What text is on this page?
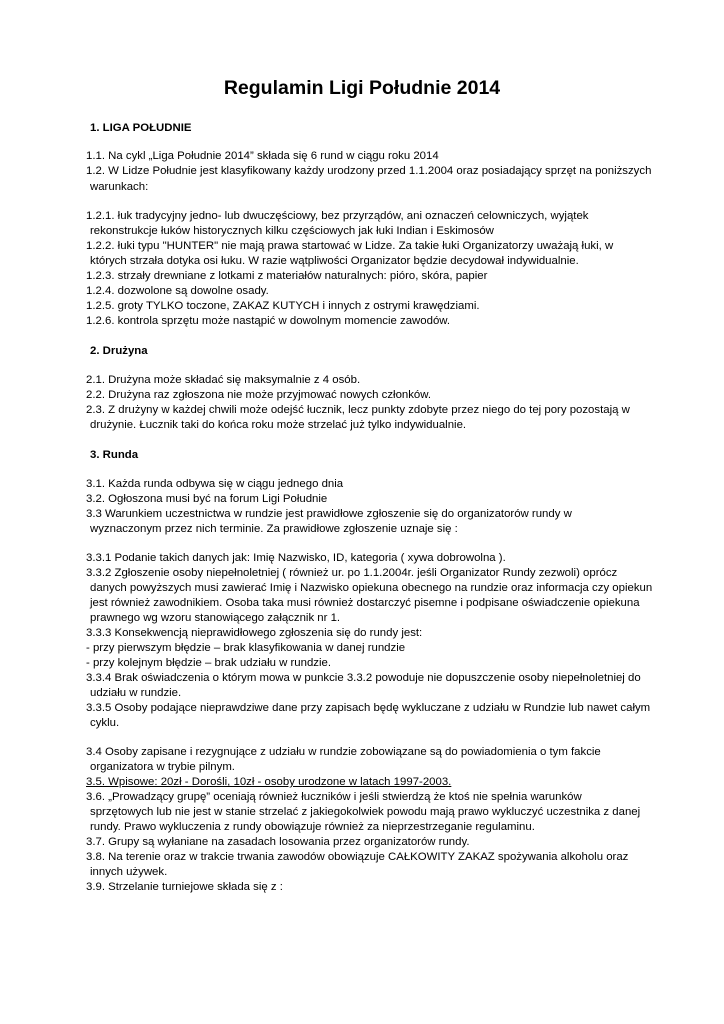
Regulamin Ligi Południe 2014
1. LIGA POŁUDNIE
1.1. Na cykl „Liga Południe 2014” składa się 6 rund w ciągu roku 2014
1.2. W Lidze Południe jest klasyfikowany każdy urodzony przed 1.1.2004 oraz posiadający sprzęt na poniższych
warunkach:
1.2.1. łuk tradycyjny jedno- lub dwuczęściowy, bez przyrządów, ani oznaczeń celowniczych, wyjątek
rekonstrukcje łuków historycznych kilku częściowych jak łuki Indian i Eskimosów
1.2.2. łuki typu "HUNTER" nie mają prawa startować w Lidze. Za takie łuki Organizatorzy uważają łuki, w
których strzała dotyka osi łuku. W razie wątpliwości Organizator będzie decydował indywidualnie.
1.2.3. strzały drewniane z lotkami z materiałów naturalnych: pióro, skóra, papier
1.2.4. dozwolone są dowolne osady.
1.2.5. groty TYLKO toczone, ZAKAZ KUTYCH i innych z ostrymi krawędziami.
1.2.6. kontrola sprzętu może nastąpić w dowolnym momencie zawodów.
2. Drużyna
2.1. Drużyna może składać się maksymalnie z 4 osób.
2.2. Drużyna raz zgłoszona nie może przyjmować nowych członków.
2.3. Z drużyny w każdej chwili może odejść łucznik, lecz punkty zdobyte przez niego do tej pory pozostają w
drużynie. Łucznik taki do końca roku może strzelać już tylko indywidualnie.
3. Runda
3.1. Każda runda odbywa się w ciągu jednego dnia
3.2. Ogłoszona musi być na forum Ligi Południe
3.3 Warunkiem uczestnictwa w rundzie jest prawidłowe zgłoszenie się do organizatorów rundy w
wyznaczonym przez nich terminie. Za prawidłowe zgłoszenie uznaje się :
3.3.1 Podanie takich danych jak: Imię Nazwisko, ID, kategoria ( xywa dobrowolna ).
3.3.2 Zgłoszenie osoby niepełnoletniej ( również ur. po 1.1.2004r. jeśli Organizator Rundy zezwoli) oprócz
danych powyższych musi zawierać Imię i Nazwisko opiekuna obecnego na rundzie oraz informacja czy opiekun
jest również zawodnikiem. Osoba taka musi również dostarczyć pisemne i podpisane oświadczenie opiekuna
prawnego wg wzoru stanowiącego załącznik nr 1.
3.3.3 Konsekwencją nieprawidłowego zgłoszenia się do rundy jest:
- przy pierwszym błędzie – brak klasyfikowania w danej rundzie
- przy kolejnym błędzie – brak udziału w rundzie.
3.3.4 Brak oświadczenia o którym mowa w punkcie 3.3.2 powoduje nie dopuszczenie osoby niepełnoletniej do
udziału w rundzie.
3.3.5 Osoby podające nieprawdziwe dane przy zapisach będę wykluczane z udziału w Rundzie lub nawet całym
cyklu.
3.4 Osoby zapisane i rezygnujące z udziału w rundzie zobowiązane są do powiadomienia o tym fakcie
organizatora w trybie pilnym.
3.5. Wpisowe: 20zł - Dorośli, 10zł - osoby urodzone w latach 1997-2003.
3.6. „Prowadzący grupę” oceniają również łuczników i jeśli stwierdzą że ktoś nie spełnia warunków
sprzętowych lub nie jest w stanie strzelać z jakiegokolwiek powodu mają prawo wykluczyć uczestnika z danej
rundy. Prawo wykluczenia z rundy obowiązuje również za nieprzestrzeganie regulaminu.
3.7. Grupy są wyłaniane na zasadach losowania przez organizatorów rundy.
3.8. Na terenie oraz w trakcie trwania zawodów obowiązuje CAŁKOWITY ZAKAZ spożywania alkoholu oraz
innych używek.
3.9. Strzelanie turniejowe składa się z :
